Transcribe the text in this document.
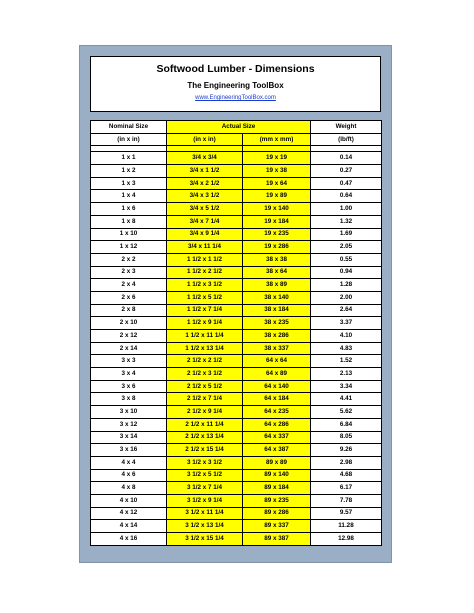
Softwood Lumber - Dimensions
The Engineering ToolBox
www.EngineeringToolBox.com
Nominal Size	Actual Size		Weight
(in x in)	(in x in)	(mm x mm)	(lb/ft)

1 x 1	3/4 x 3/4	19 x 19	0.14
1 x 2	3/4 x 1 1/2	19 x 38	0.27
1 x 3	3/4 x 2 1/2	19 x 64	0.47
1 x 4	3/4 x 3 1/2	19 x 89	0.64
1 x 6	3/4 x 5 1/2	19 x 140	1.00
1 x 8	3/4 x 7 1/4	19 x 184	1.32
1 x 10	3/4 x 9 1/4	19 x 235	1.69
1 x 12	3/4 x 11 1/4	19 x 286	2.05
2 x 2	1 1/2 x 1 1/2	38 x 38	0.55
2 x 3	1 1/2 x 2 1/2	38 x 64	0.94
2 x 4	1 1/2 x 3 1/2	38 x 89	1.28
2 x 6	1 1/2 x 5 1/2	38 x 140	2.00
2 x 8	1 1/2 x 7 1/4	38 x 184	2.64
2 x 10	1 1/2 x 9 1/4	38 x 235	3.37
2 x 12	1 1/2 x 11 1/4	38 x 286	4.10
2 x 14	1 1/2 x 13 1/4	38 x 337	4.83
3 x 3	2 1/2 x 2 1/2	64 x 64	1.52
3 x 4	2 1/2 x 3 1/2	64 x 89	2.13
3 x 6	2 1/2 x 5 1/2	64 x 140	3.34
3 x 8	2 1/2 x 7 1/4	64 x 184	4.41
3 x 10	2 1/2 x 9 1/4	64 x 235	5.62
3 x 12	2 1/2 x 11 1/4	64 x 286	6.84
3 x 14	2 1/2 x 13 1/4	64 x 337	8.05
3 x 16	2 1/2 x 15 1/4	64 x 387	9.26
4 x 4	3 1/2 x 3 1/2	89 x 89	2.98
4 x 6	3 1/2 x 5 1/2	89 x 140	4.68
4 x 8	3 1/2 x 7 1/4	89 x 184	6.17
4 x 10	3 1/2 x 9 1/4	89 x 235	7.78
4 x 12	3 1/2 x 11 1/4	89 x 286	9.57
4 x 14	3 1/2 x 13 1/4	89 x 337	11.28
4 x 16	3 1/2 x 15 1/4	89 x 387	12.98
